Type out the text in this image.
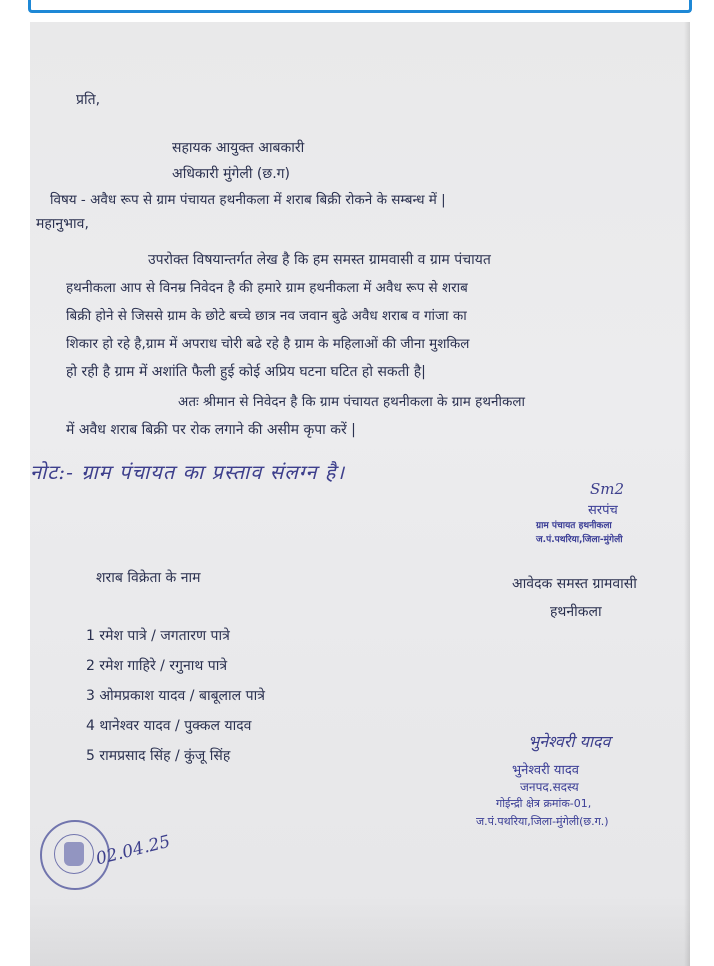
प्रति,
सहायक आयुक्त आबकारी
अधिकारी मुंगेली (छ.ग)
विषय - अवैध रूप से ग्राम पंचायत हथनीकला में शराब बिक्री रोकने के सम्बन्ध में |
महानुभाव,
उपरोक्त विषयान्तर्गत लेख है कि हम समस्त ग्रामवासी व ग्राम पंचायत
हथनीकला आप से विनम्र निवेदन है की हमारे ग्राम हथनीकला में अवैध रूप से शराब
बिक्री होने से जिससे ग्राम के छोटे बच्चे छात्र नव जवान बुढे अवैध शराब व गांजा का
शिकार हो रहे है,ग्राम में अपराध चोरी बढे रहे है ग्राम के महिलाओं की जीना मुशकिल
हो रही है ग्राम में अशांति फैली हुई कोई अप्रिय घटना घटित हो सकती है|
अतः श्रीमान से निवेदन है कि ग्राम पंचायत हथनीकला के ग्राम हथनीकला
में अवैध शराब बिक्री पर रोक लगाने की असीम कृपा करें |
नोट:- ग्राम पंचायत का प्रस्ताव संलग्न है।
Sm2
सरपंच
ग्राम पंचायत हथनीकला
ज.पं.पथरिया,जिला-मुंगेली
शराब विक्रेता के नाम	आवेदक समस्त ग्रामवासी
हथनीकला
1 रमेश पात्रे / जगतारण पात्रे
2 रमेश गाहिरे / रगुनाथ पात्रे
3 ओमप्रकाश यादव / बाबूलाल पात्रे
4 थानेश्वर यादव / पुक्कल यादव
5 रामप्रसाद सिंह / कुंजू सिंह
भुनेश्वरी यादव
भुनेश्वरी यादव
जनपद.सदस्य
गोईन्द्री क्षेत्र क्रमांक-01,
ज.पं.पथरिया,जिला-मुंगेली(छ.ग.)
02.04.25
